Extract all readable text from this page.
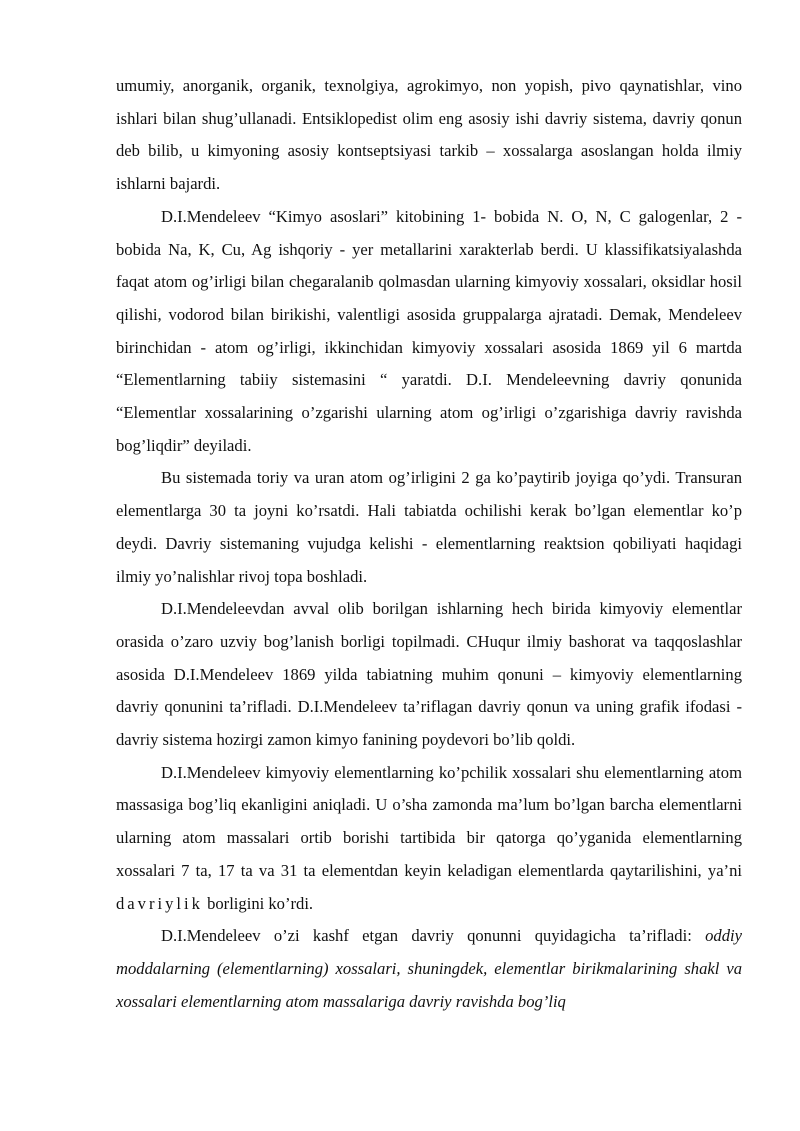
umumiy, anorganik, organik, texnolgiya, agrokimyo, non yopish, pivo qaynatishlar, vino ishlari bilan shug’ullanadi. Entsiklopedist olim eng asosiy ishi davriy sistema, davriy qonun deb bilib, u kimyoning asosiy kontseptsiyasi tarkib – xossalarga asoslangan holda ilmiy ishlarni bajardi.

D.I.Mendeleev “Kimyo asoslari” kitobining 1- bobida N. O, N, C galogenlar, 2 - bobida Na, K, Cu, Ag ishqoriy - yer metallarini xarakterlab berdi. U klassifikatsiyalashda faqat atom og’irligi bilan chegaralanib qolmasdan ularning kimyoviy xossalari, oksidlar hosil qilishi, vodorod bilan birikishi, valentligi asosida gruppalarga ajratadi. Demak, Mendeleev birinchidan - atom og’irligi, ikkinchidan kimyoviy xossalari asosida 1869 yil 6 martda “Elementlarning tabiiy sistemasini “ yaratdi. D.I. Mendeleevning davriy qonunida “Elementlar xossalarining o’zgarishi ularning atom og’irligi o’zgarishiga davriy ravishda bog’liqdir” deyiladi.

Bu sistemada toriy va uran atom og’irligini 2 ga ko’paytirib joyiga qo’ydi. Transuran elementlarga 30 ta joyni ko’rsatdi. Hali tabiatda ochilishi kerak bo’lgan elementlar ko’p deydi. Davriy sistemaning vujudga kelishi - elementlarning reaktsion qobiliyati haqidagi ilmiy yo’nalishlar rivoj topa boshladi.

D.I.Mendeleevdan avval olib borilgan ishlarning hech birida kimyoviy elementlar orasida o’zaro uzviy bog’lanish borligi topilmadi. CHuqur ilmiy bashorat va taqqoslashlar asosida D.I.Mendeleev 1869 yilda tabiatning muhim qonuni – kimyoviy elementlarning davriy qonunini ta’rifladi. D.I.Mendeleev ta’riflagan davriy qonun va uning grafik ifodasi - davriy sistema hozirgi zamon kimyo fanining poydevori bo’lib qoldi.

D.I.Mendeleev kimyoviy elementlarning ko’pchilik xossalari shu elementlarning atom massasiga bog’liq ekanligini aniqladi. U o’sha zamonda ma’lum bo’lgan barcha elementlarni ularning atom massalari ortib borishi tartibida bir qatorga qo’yganida elementlarning xossalari 7 ta, 17 ta va 31 ta elementdan keyin keladigan elementlarda qaytarilishini, ya’ni davriylik borligini ko’rdi.

D.I.Mendeleev o’zi kashf etgan davriy qonunni quyidagicha ta’rifladi: oddiy moddalarning (elementlarning) xossalari, shuningdek, elementlar birikmalarining shakl va xossalari elementlarning atom massalariga davriy ravishda bog’liq
